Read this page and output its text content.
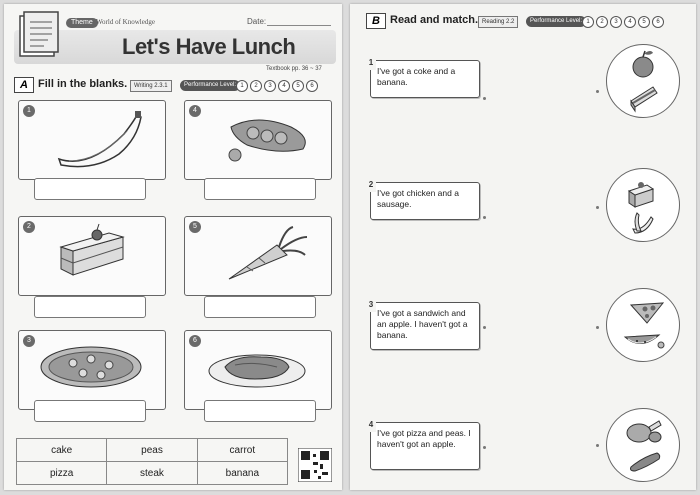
Theme World of Knowledge	Date:
Let's Have Lunch
Textbook pp. 36 ~ 37
A Fill in the blanks.	Writing 2.3.1	Performance Level: 1	2	3	4	5	6
1	4
2	5
3	6
cake	peas	carrot
pizza	steak	banana
B Read and match. Reading 2.2	Performance Level: 1	2	3	4	5	6
I've got a coke and a banana.
1
I've got chicken and a sausage.
2
I've got a sandwich and an apple. I haven't got a banana.
3
I've got pizza and peas. I haven't got an apple.
4
